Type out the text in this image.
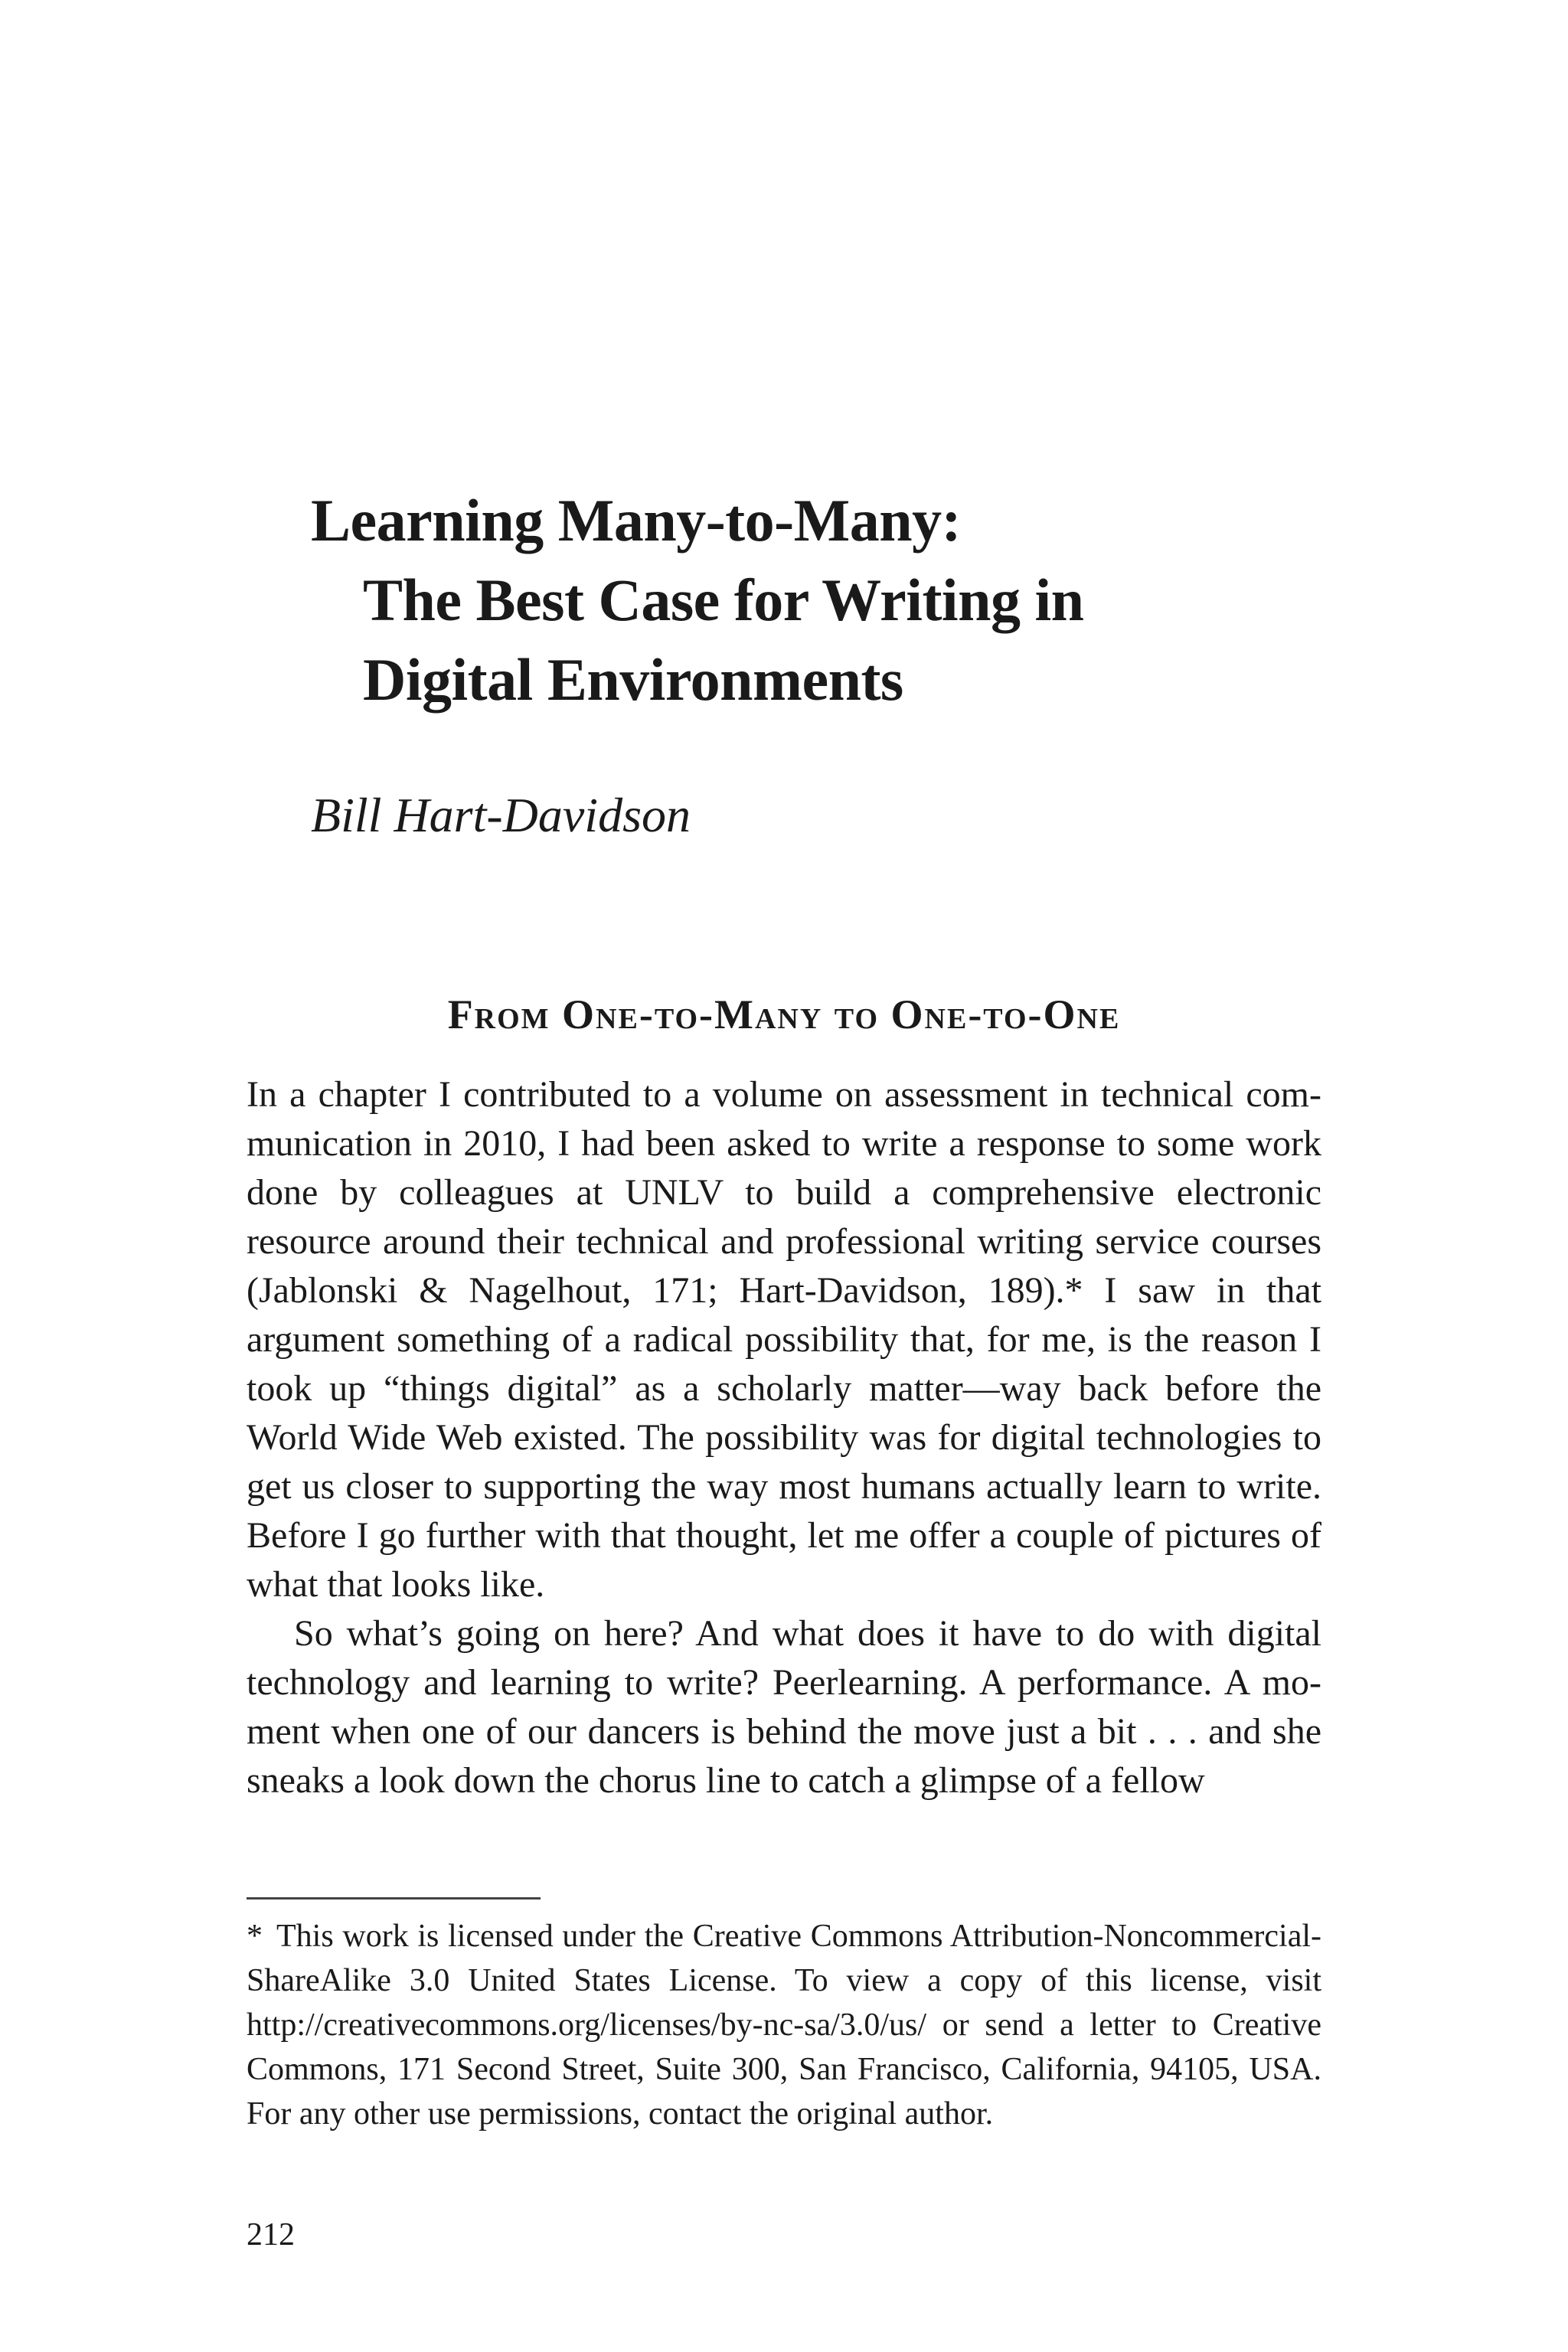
Learning Many-to-Many:
The Best Case for Writing in
Digital Environments
Bill Hart-Davidson
From One-to-Many to One-to-One

In a chapter I contributed to a volume on assessment in technical communication in 2010, I had been asked to write a response to some work done by colleagues at UNLV to build a comprehensive electronic resource around their technical and professional writing service courses (Jablonski & Nagelhout, 171; Hart-Davidson, 189).* I saw in that argument something of a radical possibility that, for me, is the reason I took up “things digital” as a scholarly matter—way back before the World Wide Web existed. The possibility was for digital technologies to get us closer to supporting the way most humans actually learn to write. Before I go further with that thought, let me offer a couple of pictures of what that looks like.

So what’s going on here? And what does it have to do with digital technology and learning to write? Peerlearning. A performance. A moment when one of our dancers is behind the move just a bit . . . and she sneaks a look down the chorus line to catch a glimpse of a fellow

* This work is licensed under the Creative Commons Attribution-Noncommercial-ShareAlike 3.0 United States License. To view a copy of this license, visit http://creativecommons.org/licenses/by-nc-sa/3.0/us/ or send a letter to Creative Commons, 171 Second Street, Suite 300, San Francisco, California, 94105, USA. For any other use permissions, contact the original author.
212
